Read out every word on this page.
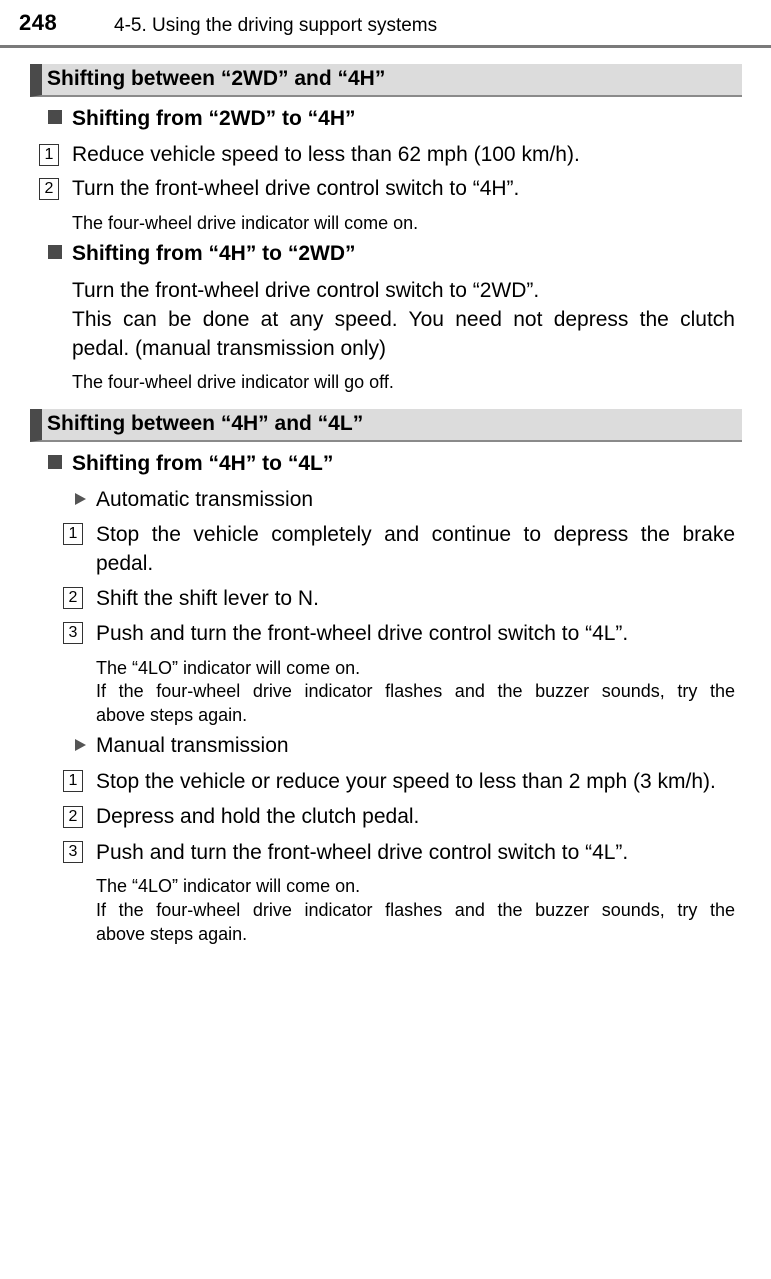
248	4-5. Using the driving support systems
Shifting between “2WD” and “4H”
Shifting from “2WD” to “4H”
1 Reduce vehicle speed to less than 62 mph (100 km/h).
2 Turn the front-wheel drive control switch to “4H”.
The four-wheel drive indicator will come on.
Shifting from “4H” to “2WD”
Turn the front-wheel drive control switch to “2WD”.
This can be done at any speed. You need not depress the clutch
pedal. (manual transmission only)
The four-wheel drive indicator will go off.
Shifting between “4H” and “4L”
Shifting from “4H” to “4L”
Automatic transmission
1 Stop the vehicle completely and continue to depress the brake
pedal.
2 Shift the shift lever to N.
3 Push and turn the front-wheel drive control switch to “4L”.
The “4LO” indicator will come on.
If the four-wheel drive indicator flashes and the buzzer sounds, try the
above steps again.
Manual transmission
1 Stop the vehicle or reduce your speed to less than 2 mph (3 km/h).
2 Depress and hold the clutch pedal.
3 Push and turn the front-wheel drive control switch to “4L”.
The “4LO” indicator will come on.
If the four-wheel drive indicator flashes and the buzzer sounds, try the
above steps again.
